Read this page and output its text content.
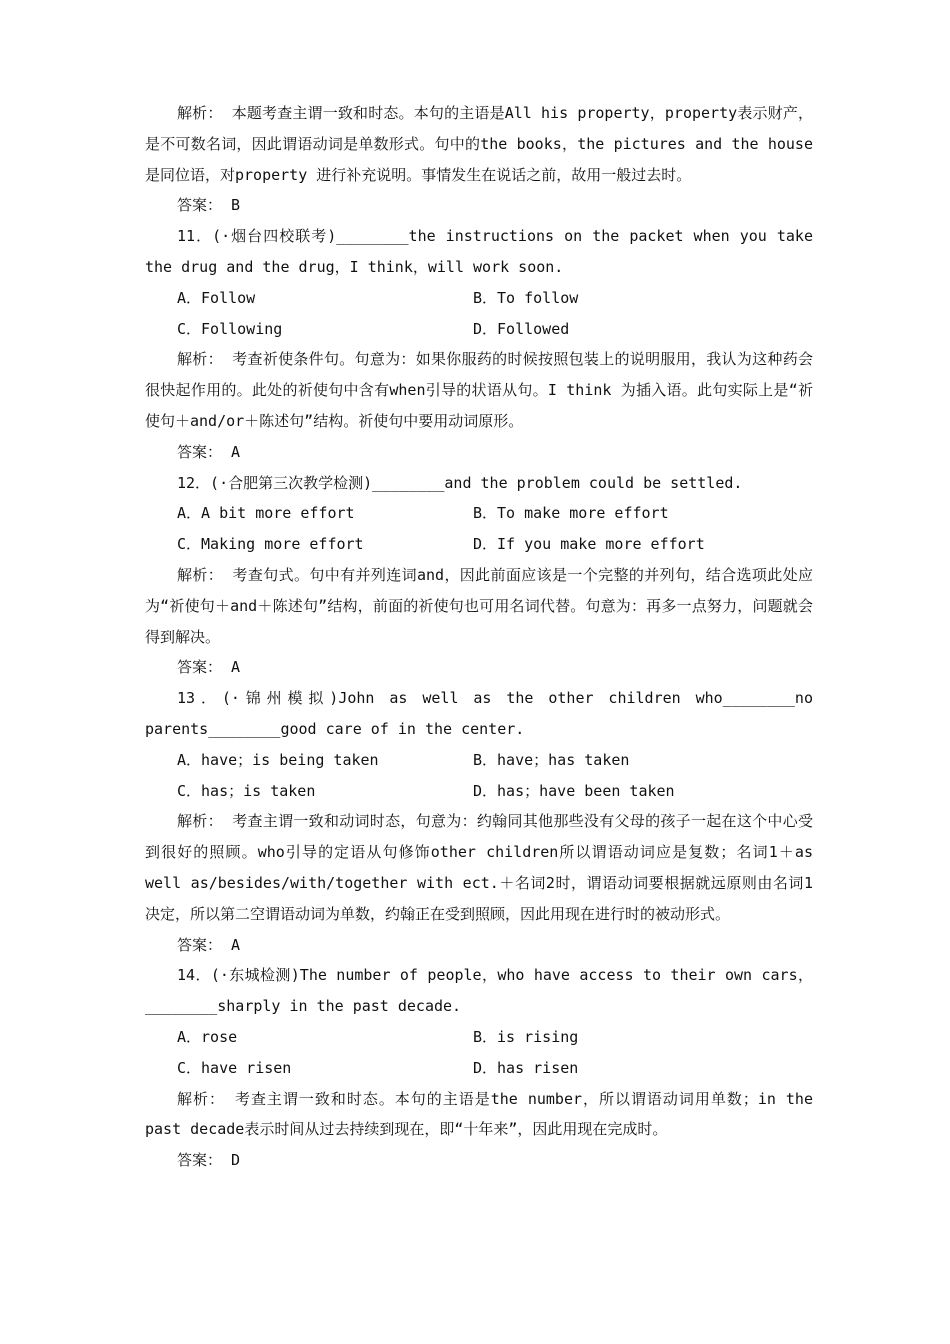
解析： 本题考查主谓一致和时态。本句的主语是All his property，property表示财产，是不可数名词，因此谓语动词是单数形式。句中的the books，the pictures and the house 是同位语，对property 进行补充说明。事情发生在说话之前，故用一般过去时。

答案： B

11．(·烟台四校联考)________the instructions on the packet when you take the drug and the drug，I think，will work soon.

A．Follow	B．To follow
C．Following	D．Followed

解析： 考查祈使条件句。句意为：如果你服药的时候按照包装上的说明服用，我认为这种药会很快起作用的。此处的祈使句中含有when引导的状语从句。I think 为插入语。此句实际上是“祈使句＋and/or＋陈述句”结构。祈使句中要用动词原形。

答案： A

12．(·合肥第三次教学检测)________and the problem could be settled.

A．A bit more effort	B．To make more effort
C．Making more effort	D．If you make more effort

解析： 考查句式。句中有并列连词and，因此前面应该是一个完整的并列句，结合选项此处应为“祈使句＋and＋陈述句”结构，前面的祈使句也可用名词代替。句意为：再多一点努力，问题就会得到解决。

答案： A

13．(·锦州模拟)John as well as the other children who________no parents________good care of in the center.

A．have；is being taken	B．have；has taken
C．has；is taken	D．has；have been taken

解析： 考查主谓一致和动词时态，句意为：约翰同其他那些没有父母的孩子一起在这个中心受到很好的照顾。who引导的定语从句修饰other children所以谓语动词应是复数；名词1＋as well as/besides/with/together with ect.＋名词2时，谓语动词要根据就远原则由名词1决定，所以第二空谓语动词为单数，约翰正在受到照顾，因此用现在进行时的被动形式。

答案： A

14．(·东城检测)The number of people，who have access to their own cars，________sharply in the past decade.

A．rose	B．is rising
C．have risen	D．has risen

解析： 考查主谓一致和时态。本句的主语是the number，所以谓语动词用单数；in the past decade表示时间从过去持续到现在，即“十年来”，因此用现在完成时。

答案： D
